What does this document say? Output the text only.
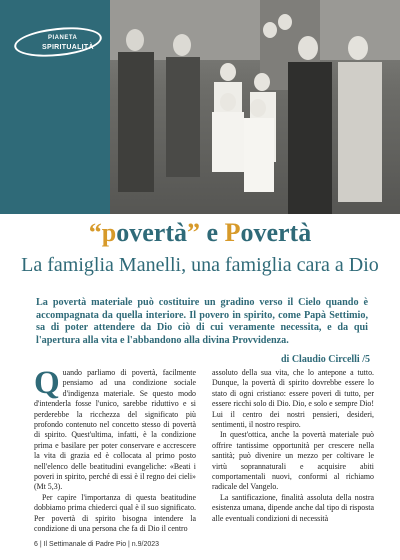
PIANETA
SPIRITUALITÀ
“povertà” e Povertà
La famiglia Manelli, una famiglia cara a Dio
La povertà materiale può costituire un gradino verso il Cielo quando è accompagnata da quella interiore. Il povero in spirito, come Papà Settimio, sa di poter attendere da Dio ciò di cui veramente necessita, e da qui l'apertura alla vita e l'abbandono alla divina Provvidenza.
di Claudio Circelli /5

Quando parliamo di povertà, facilmente pensiamo ad una condizione sociale d'indigenza materiale. Se questo modo d'intenderla fosse l'unico, sarebbe riduttivo e si perderebbe la ricchezza del significato più profondo contenuto nel concetto stesso di povertà di spirito. Quest'ultima, infatti, è la condizione prima e basilare per poter conservare e accrescere la vita di grazia ed è collocata al primo posto nell'elenco delle beatitudini evangeliche: «Beati i poveri in spirito, perché di essi è il regno dei cieli» (Mt 5,3).

Per capire l'importanza di questa beatitudine dobbiamo prima chiederci qual è il suo significato. Per povertà di spirito bisogna intendere la condizione di una persona che fa di Dio il centro

assoluto della sua vita, che lo antepone a tutto. Dunque, la povertà di spirito dovrebbe essere lo stato di ogni cristiano: essere poveri di tutto, per essere ricchi solo di Dio. Dio, e solo e sempre Dio! Lui il centro dei nostri pensieri, desideri, sentimenti, il nostro respiro.

In quest'ottica, anche la povertà materiale può offrire tantissime opportunità per crescere nella santità; può divenire un mezzo per coltivare le virtù soprannaturali e acquisire abiti comportamentali nuovi, conformi al richiamo radicale del Vangelo.

La santificazione, finalità assoluta della nostra esistenza umana, dipende anche dal tipo di risposta alle eventuali condizioni di necessità

6 | Il Settimanale di Padre Pio | n.9/2023
